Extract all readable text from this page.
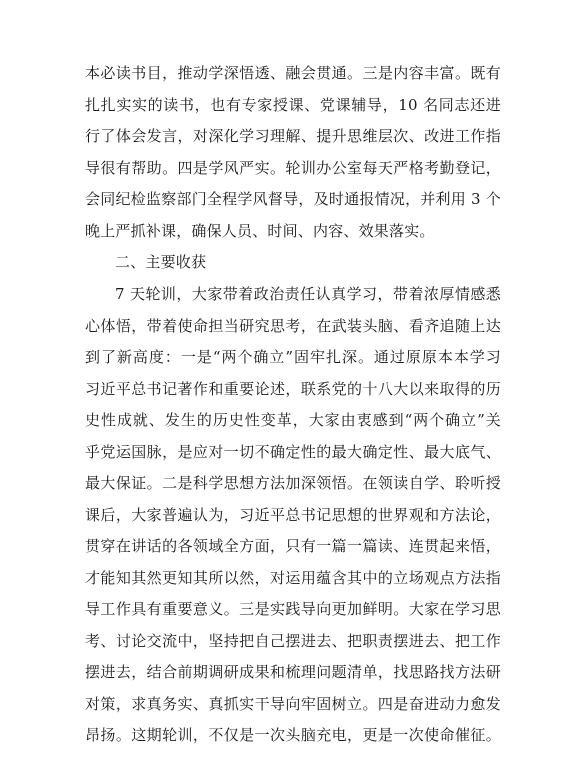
本必读书目，推动学深悟透、融会贯通。三是内容丰富。既有
扎扎实实的读书，也有专家授课、党课辅导，10 名同志还进
行了体会发言，对深化学习理解、提升思维层次、改进工作指
导很有帮助。四是学风严实。轮训办公室每天严格考勤登记，
会同纪检监察部门全程学风督导，及时通报情况，并利用 3 个
晚上严抓补课，确保人员、时间、内容、效果落实。
二、主要收获
7 天轮训，大家带着政治责任认真学习，带着浓厚情感悉
心体悟，带着使命担当研究思考，在武装头脑、看齐追随上达
到了新高度：一是“两个确立”固牢扎深。通过原原本本学习
习近平总书记著作和重要论述，联系党的十八大以来取得的历
史性成就、发生的历史性变革，大家由衷感到“两个确立”关
乎党运国脉，是应对一切不确定性的最大确定性、最大底气、
最大保证。二是科学思想方法加深领悟。在领读自学、聆听授
课后，大家普遍认为，习近平总书记思想的世界观和方法论，
贯穿在讲话的各领域全方面，只有一篇一篇读、连贯起来悟，
才能知其然更知其所以然，对运用蕴含其中的立场观点方法指
导工作具有重要意义。三是实践导向更加鲜明。大家在学习思
考、讨论交流中，坚持把自己摆进去、把职责摆进去、把工作
摆进去，结合前期调研成果和梳理问题清单，找思路找方法研
对策，求真务实、真抓实干导向牢固树立。四是奋进动力愈发
昂扬。这期轮训，不仅是一次头脑充电，更是一次使命催征。
